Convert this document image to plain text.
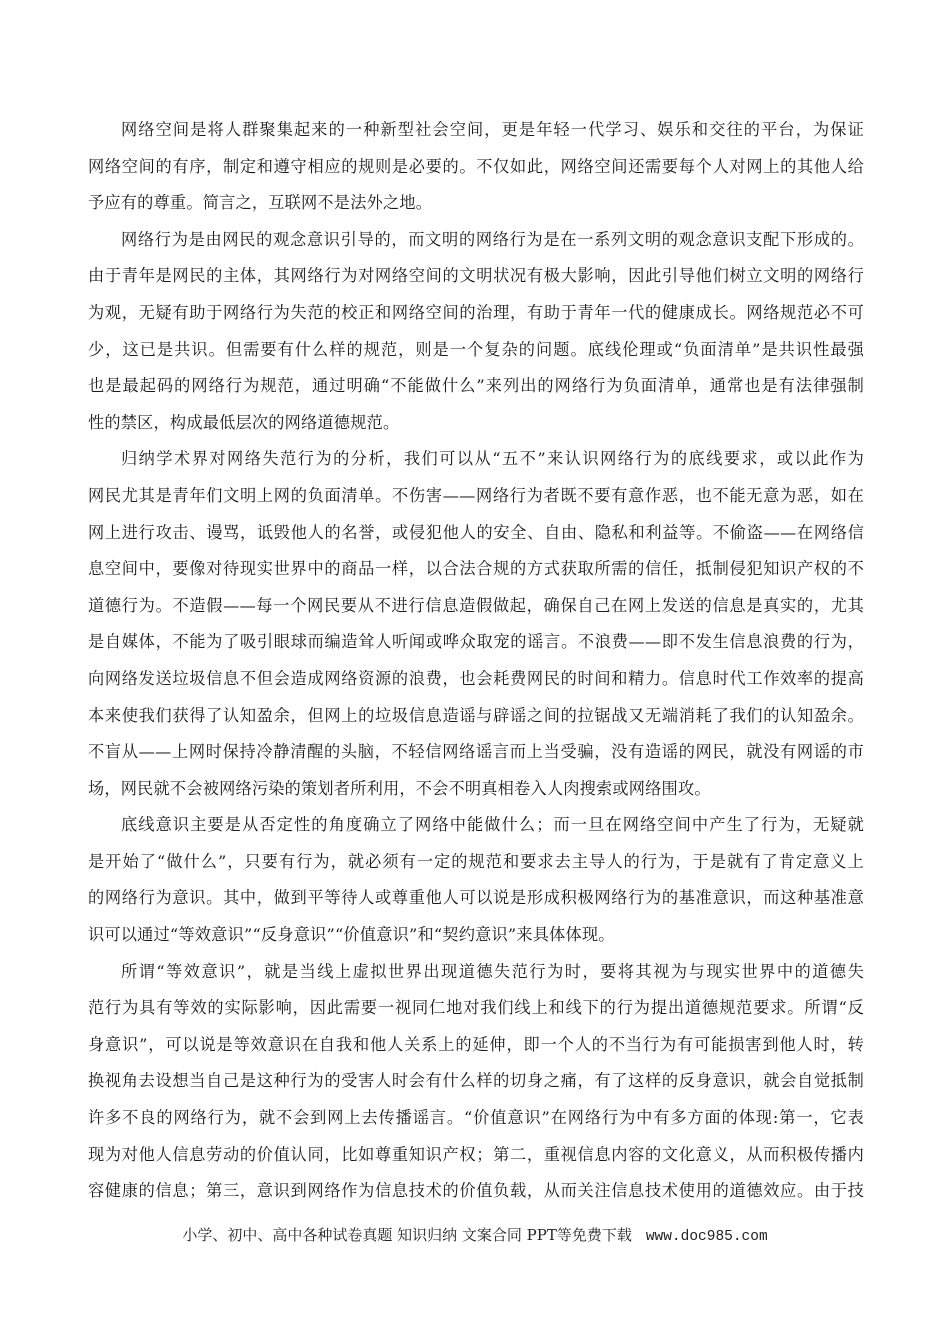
网络空间是将人群聚集起来的一种新型社会空间，更是年轻一代学习、娱乐和交往的平台，为保证
网络空间的有序，制定和遵守相应的规则是必要的。不仅如此，网络空间还需要每个人对网上的其他人给
予应有的尊重。简言之，互联网不是法外之地。
网络行为是由网民的观念意识引导的，而文明的网络行为是在一系列文明的观念意识支配下形成的。
由于青年是网民的主体，其网络行为对网络空间的文明状况有极大影响，因此引导他们树立文明的网络行
为观，无疑有助于网络行为失范的校正和网络空间的治理，有助于青年一代的健康成长。网络规范必不可
少，这已是共识。但需要有什么样的规范，则是一个复杂的问题。底线伦理或“负面清单”是共识性最强
也是最起码的网络行为规范，通过明确“不能做什么”来列出的网络行为负面清单，通常也是有法律强制
性的禁区，构成最低层次的网络道德规范。
归纳学术界对网络失范行为的分析，我们可以从“五不”来认识网络行为的底线要求，或以此作为
网民尤其是青年们文明上网的负面清单。不伤害——网络行为者既不要有意作恶，也不能无意为恶，如在
网上进行攻击、谩骂，诋毁他人的名誉，或侵犯他人的安全、自由、隐私和利益等。不偷盗——在网络信
息空间中，要像对待现实世界中的商品一样，以合法合规的方式获取所需的信任，抵制侵犯知识产权的不
道德行为。不造假——每一个网民要从不进行信息造假做起，确保自己在网上发送的信息是真实的，尤其
是自媒体，不能为了吸引眼球而编造耸人听闻或哗众取宠的谣言。不浪费——即不发生信息浪费的行为，
向网络发送垃圾信息不但会造成网络资源的浪费，也会耗费网民的时间和精力。信息时代工作效率的提高
本来使我们获得了认知盈余，但网上的垃圾信息造谣与辟谣之间的拉锯战又无端消耗了我们的认知盈余。
不盲从——上网时保持冷静清醒的头脑，不轻信网络谣言而上当受骗，没有造谣的网民，就没有网谣的市
场，网民就不会被网络污染的策划者所利用，不会不明真相卷入人肉搜索或网络围攻。
底线意识主要是从否定性的角度确立了网络中能做什么；而一旦在网络空间中产生了行为，无疑就
是开始了“做什么”，只要有行为，就必须有一定的规范和要求去主导人的行为，于是就有了肯定意义上
的网络行为意识。其中，做到平等待人或尊重他人可以说是形成积极网络行为的基准意识，而这种基准意
识可以通过“等效意识”“反身意识”“价值意识”和“契约意识”来具体体现。
所谓“等效意识”，就是当线上虚拟世界出现道德失范行为时，要将其视为与现实世界中的道德失
范行为具有等效的实际影响，因此需要一视同仁地对我们线上和线下的行为提出道德规范要求。所谓“反
身意识”，可以说是等效意识在自我和他人关系上的延伸，即一个人的不当行为有可能损害到他人时，转
换视角去设想当自己是这种行为的受害人时会有什么样的切身之痛，有了这样的反身意识，就会自觉抵制
许多不良的网络行为，就不会到网上去传播谣言。“价值意识”在网络行为中有多方面的体现:第一，它表
现为对他人信息劳动的价值认同，比如尊重知识产权；第二，重视信息内容的文化意义，从而积极传播内
容健康的信息；第三，意识到网络作为信息技术的价值负载，从而关注信息技术使用的道德效应。由于技
小学、初中、高中各种试卷真题 知识归纳 文案合同 PPT等免费下载 www.doc985.com
